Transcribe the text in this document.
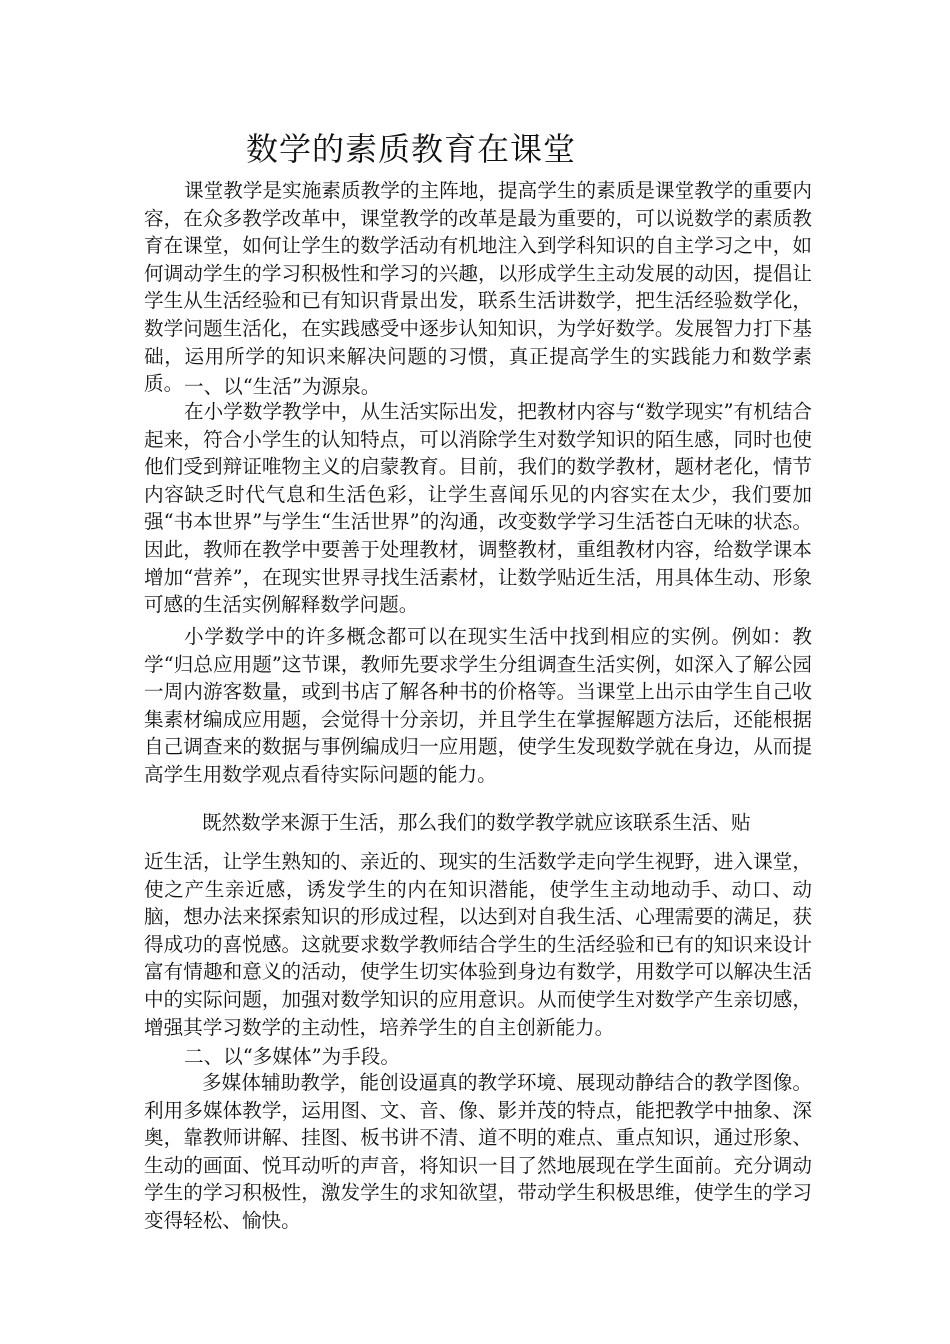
数学的素质教育在课堂
课堂教学是实施素质教学的主阵地，提高学生的素质是课堂教学的重要内容，在众多教学改革中，课堂教学的改革是最为重要的，可以说数学的素质教育在课堂，如何让学生的数学活动有机地注入到学科知识的自主学习之中，如何调动学生的学习积极性和学习的兴趣，以形成学生主动发展的动因，提倡让学生从生活经验和已有知识背景出发，联系生活讲数学，把生活经验数学化，数学问题生活化，在实践感受中逐步认知知识，为学好数学。发展智力打下基础，运用所学的知识来解决问题的习惯，真正提高学生的实践能力和数学素质。 一、以“生活”为源泉。
在小学数学教学中，从生活实际出发，把教材内容与“数学现实”有机结合起来，符合小学生的认知特点，可以消除学生对数学知识的陌生感，同时也使他们受到辩证唯物主义的启蒙教育。目前，我们的数学教材，题材老化，情节内容缺乏时代气息和生活色彩，让学生喜闻乐见的内容实在太少，我们要加强“书本世界”与学生“生活世界”的沟通，改变数学学习生活苍白无味的状态。因此，教师在教学中要善于处理教材，调整教材，重组教材内容，给数学课本增加“营养”，在现实世界寻找生活素材，让数学贴近生活，用具体生动、形象可感的生活实例解释数学问题。
小学数学中的许多概念都可以在现实生活中找到相应的实例。例如：教学“归总应用题”这节课，教师先要求学生分组调查生活实例，如深入了解公园一周内游客数量，或到书店了解各种书的价格等。当课堂上出示由学生自己收集素材编成应用题，会觉得十分亲切，并且学生在掌握解题方法后，还能根据自己调查来的数据与事例编成归一应用题，使学生发现数学就在身边，从而提高学生用数学观点看待实际问题的能力。
既然数学来源于生活，那么我们的数学教学就应该联系生活、贴
近生活，让学生熟知的、亲近的、现实的生活数学走向学生视野，进入课堂，使之产生亲近感，诱发学生的内在知识潜能，使学生主动地动手、动口、动脑，想办法来探索知识的形成过程，以达到对自我生活、心理需要的满足，获得成功的喜悦感。这就要求数学教师结合学生的生活经验和已有的知识来设计富有情趣和意义的活动，使学生切实体验到身边有数学，用数学可以解决生活中的实际问题，加强对数学知识的应用意识。从而使学生对数学产生亲切感，增强其学习数学的主动性，培养学生的自主创新能力。
二、以“多媒体”为手段。
多媒体辅助教学，能创设逼真的教学环境、展现动静结合的教学图像。利用多媒体教学，运用图、文、音、像、影并茂的特点，能把教学中抽象、深奥，靠教师讲解、挂图、板书讲不清、道不明的难点、重点知识，通过形象、生动的画面、悦耳动听的声音，将知识一目了然地展现在学生面前。充分调动学生的学习积极性，激发学生的求知欲望，带动学生积极思维，使学生的学习变得轻松、愉快。
